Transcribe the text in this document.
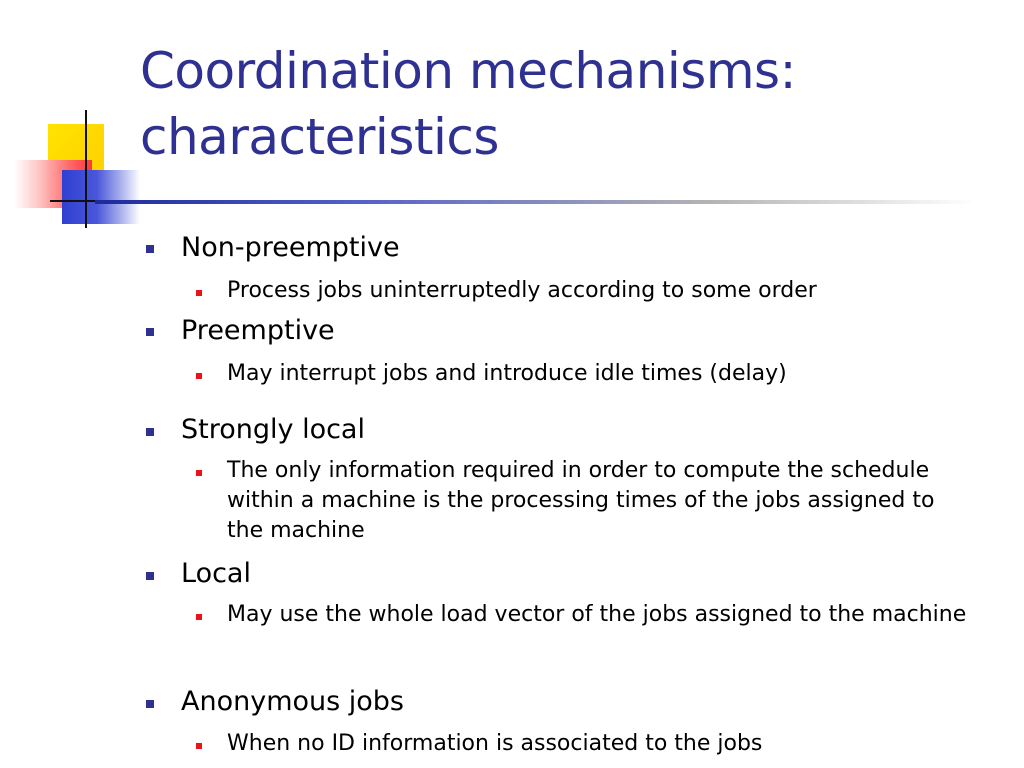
Coordination mechanisms:
characteristics
Non-preemptive
Process jobs uninterruptedly according to some order
Preemptive
May interrupt jobs and introduce idle times (delay)
Strongly local
The only information required in order to compute the schedule within a machine is the processing times of the jobs assigned to the machine
Local
May use the whole load vector of the jobs assigned to the machine
Anonymous jobs
When no ID information is associated to the jobs
